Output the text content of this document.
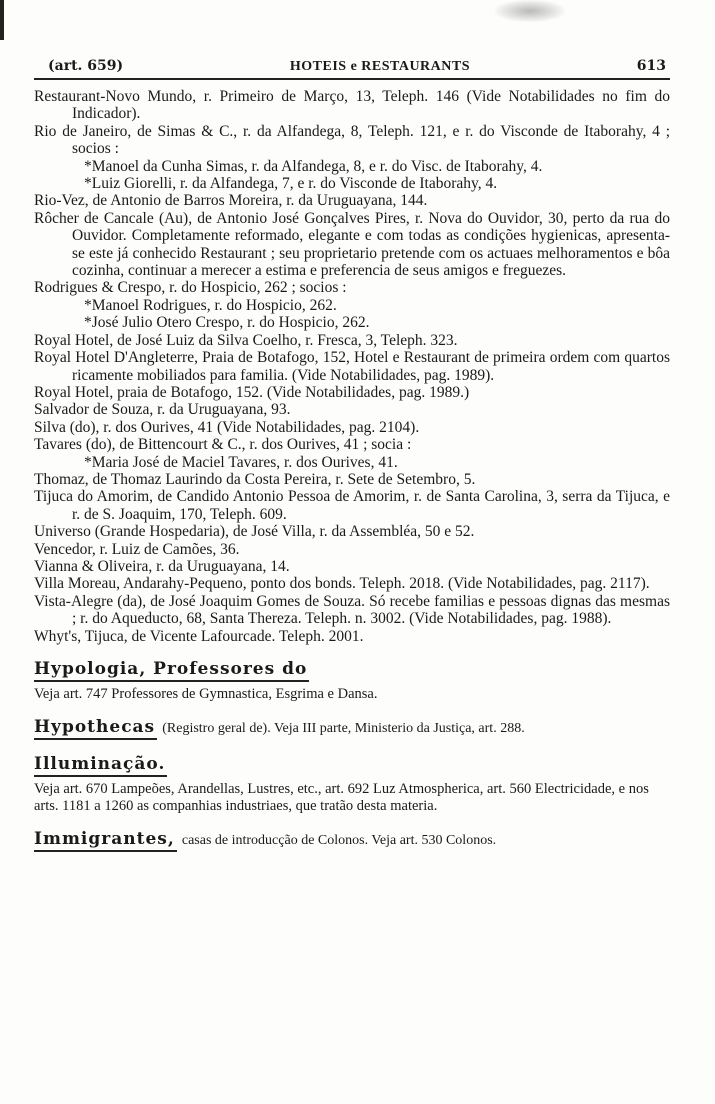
(art. 659)	HOTEIS e RESTAURANTS	613

Restaurant-Novo Mundo, r. Primeiro de Março, 13, Teleph. 146 (Vide Notabilidades no fim do Indicador).

Rio de Janeiro, de Simas & C., r. da Alfandega, 8, Teleph. 121, e r. do Visconde de Itaborahy, 4 ; socios :

*Manoel da Cunha Simas, r. da Alfandega, 8, e r. do Visc. de Itaborahy, 4.

*Luiz Giorelli, r. da Alfandega, 7, e r. do Visconde de Itaborahy, 4.

Rio-Vez, de Antonio de Barros Moreira, r. da Uruguayana, 144.

Rôcher de Cancale (Au), de Antonio José Gonçalves Pires, r. Nova do Ouvidor, 30, perto da rua do Ouvidor. Completamente reformado, elegante e com todas as condições hygienicas, apresenta-se este já conhecido Restaurant ; seu proprietario pretende com os actuaes melhoramentos e bôa cozinha, continuar a merecer a estima e preferencia de seus amigos e freguezes.

Rodrigues & Crespo, r. do Hospicio, 262 ; socios :

*Manoel Rodrigues, r. do Hospicio, 262.

*José Julio Otero Crespo, r. do Hospicio, 262.

Royal Hotel, de José Luiz da Silva Coelho, r. Fresca, 3, Teleph. 323.

Royal Hotel D'Angleterre, Praia de Botafogo, 152, Hotel e Restaurant de primeira ordem com quartos ricamente mobiliados para familia. (Vide Notabilidades, pag. 1989).

Royal Hotel, praia de Botafogo, 152. (Vide Notabilidades, pag. 1989.)

Salvador de Souza, r. da Uruguayana, 93.

Silva (do), r. dos Ourives, 41 (Vide Notabilidades, pag. 2104).

Tavares (do), de Bittencourt & C., r. dos Ourives, 41 ; socia :

*Maria José de Maciel Tavares, r. dos Ourives, 41.

Thomaz, de Thomaz Laurindo da Costa Pereira, r. Sete de Setembro, 5.

Tijuca do Amorim, de Candido Antonio Pessoa de Amorim, r. de Santa Carolina, 3, serra da Tijuca, e r. de S. Joaquim, 170, Teleph. 609.

Universo (Grande Hospedaria), de José Villa, r. da Assembléa, 50 e 52.

Vencedor, r. Luiz de Camões, 36.

Vianna & Oliveira, r. da Uruguayana, 14.

Villa Moreau, Andarahy-Pequeno, ponto dos bonds. Teleph. 2018. (Vide Notabilidades, pag. 2117).

Vista-Alegre (da), de José Joaquim Gomes de Souza. Só recebe familias e pessoas dignas das mesmas ; r. do Aqueducto, 68, Santa Thereza. Teleph. n. 3002. (Vide Notabilidades, pag. 1988).

Whyt's, Tijuca, de Vicente Lafourcade. Teleph. 2001.

Hypologia, Professores do

Veja art. 747 Professores de Gymnastica, Esgrima e Dansa.

Hypothecas (Registro geral de). Veja III parte, Ministerio da Justiça, art. 288.
Illuminação.

Veja art. 670 Lampeões, Arandellas, Lustres, etc., art. 692 Luz Atmospherica, art. 560 Electricidade, e nos arts. 1181 a 1260 as companhias industriaes, que tratão desta materia.

Immigrantes, casas de introducção de Colonos. Veja art. 530 Colonos.
